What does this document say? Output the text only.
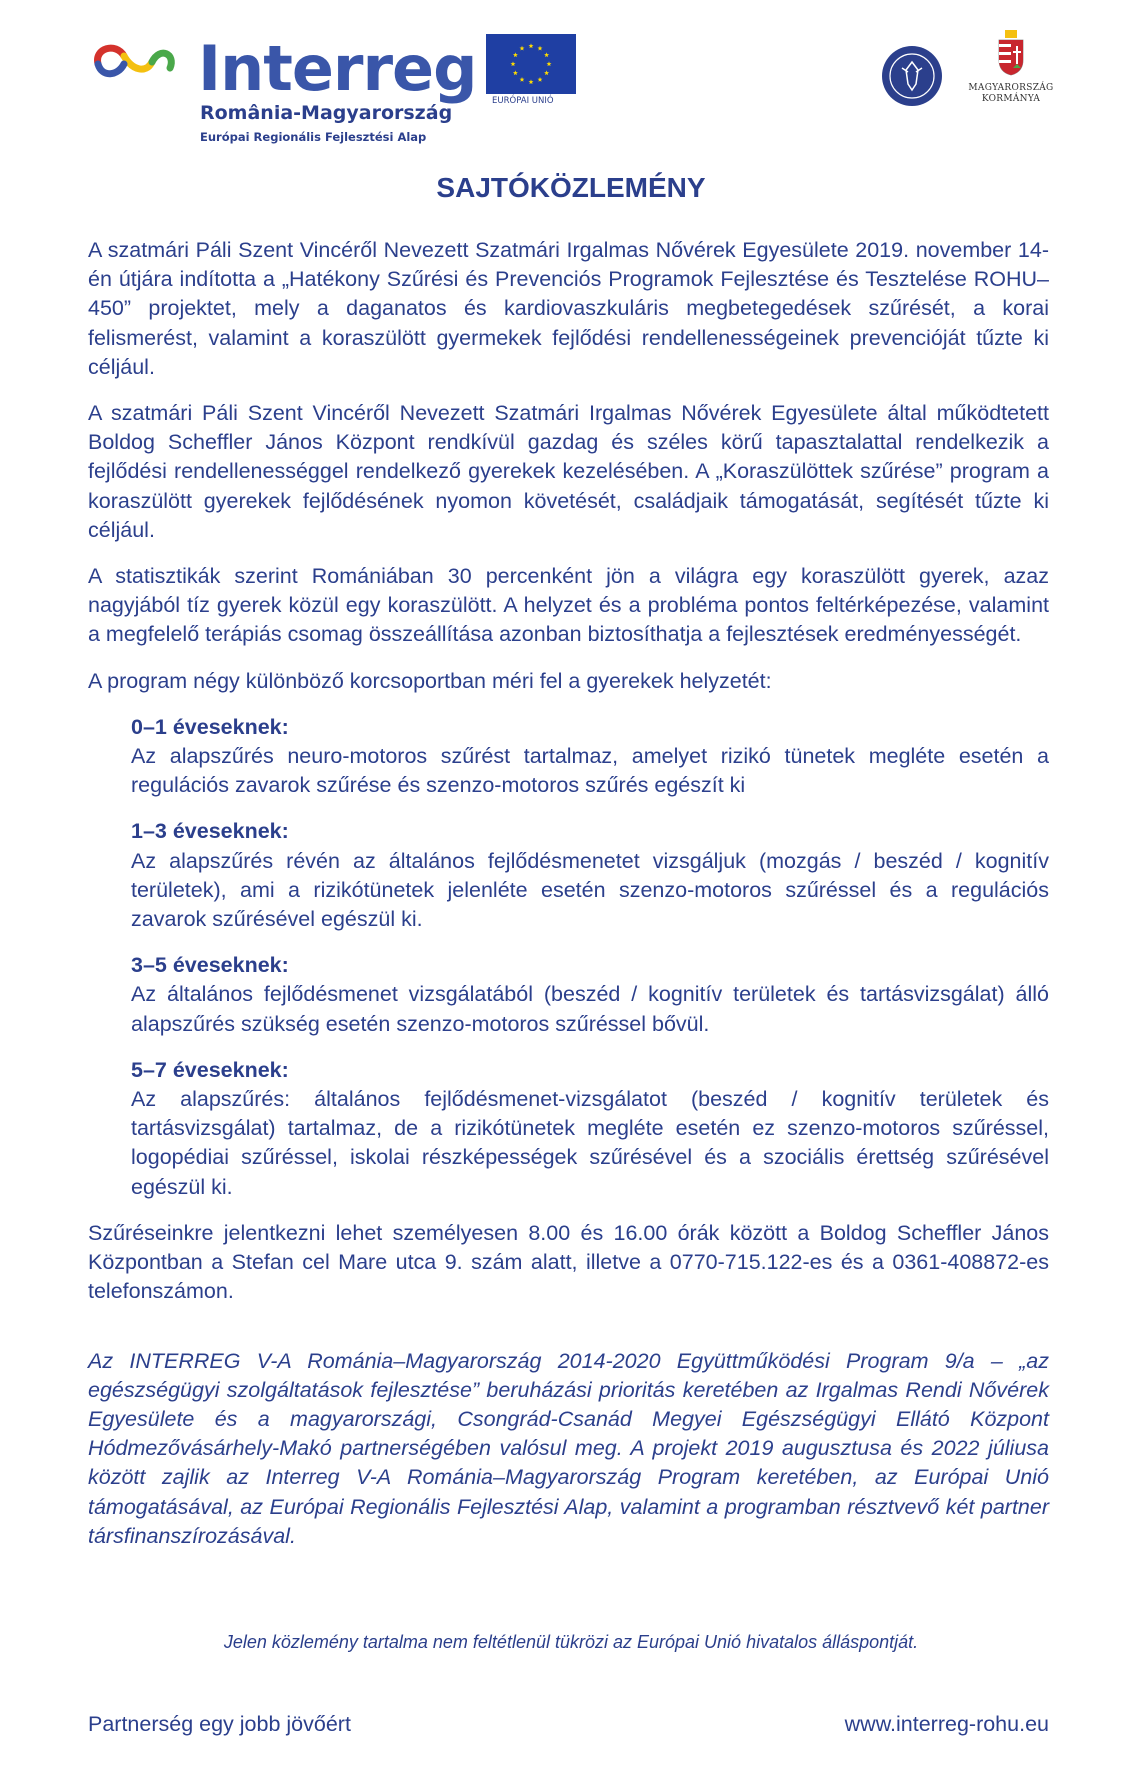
Interreg
România-Magyarország
Európai Regionális Fejlesztési Alap
EURÓPAI UNIÓ
MAGYARORSZÁG
KORMÁNYA
SAJTÓKÖZLEMÉNY

A szatmári Páli Szent Vincéről Nevezett Szatmári Irgalmas Nővérek Egyesülete 2019. november 14-én útjára indította a „Hatékony Szűrési és Prevenciós Programok Fejlesztése és Tesztelése ROHU–450” projektet, mely a daganatos és kardiovaszkuláris megbetegedések szűrését, a korai felismerést, valamint a koraszülött gyermekek fejlődési rendellenességeinek prevencióját tűzte ki céljául.

A szatmári Páli Szent Vincéről Nevezett Szatmári Irgalmas Nővérek Egyesülete által működtetett Boldog Scheffler János Központ rendkívül gazdag és széles körű tapasztalattal rendelkezik a fejlődési rendellenességgel rendelkező gyerekek kezelésében. A „Koraszülöttek szűrése” program a koraszülött gyerekek fejlődésének nyomon követését, családjaik támogatását, segítését tűzte ki céljául.

A statisztikák szerint Romániában 30 percenként jön a világra egy koraszülött gyerek, azaz nagyjából tíz gyerek közül egy koraszülött. A helyzet és a probléma pontos feltérképezése, valamint a megfelelő terápiás csomag összeállítása azonban biztosíthatja a fejlesztések eredményességét.

A program négy különböző korcsoportban méri fel a gyerekek helyzetét:

0–1 éveseknek:

Az alapszűrés neuro-motoros szűrést tartalmaz, amelyet rizikó tünetek megléte esetén a regulációs zavarok szűrése és szenzo-motoros szűrés egészít ki

1–3 éveseknek:

Az alapszűrés révén az általános fejlődésmenetet vizsgáljuk (mozgás / beszéd / kognitív területek), ami a rizikótünetek jelenléte esetén szenzo-motoros szűréssel és a regulációs zavarok szűrésével egészül ki.

3–5 éveseknek:

Az általános fejlődésmenet vizsgálatából (beszéd / kognitív területek és tartásvizsgálat) álló alapszűrés szükség esetén szenzo-motoros szűréssel bővül.

5–7 éveseknek:

Az alapszűrés: általános fejlődésmenet-vizsgálatot (beszéd / kognitív területek és tartásvizsgálat) tartalmaz, de a rizikótünetek megléte esetén ez szenzo-motoros szűréssel, logopédiai szűréssel, iskolai részképességek szűrésével és a szociális érettség szűrésével egészül ki.

Szűréseinkre jelentkezni lehet személyesen 8.00 és 16.00 órák között a Boldog Scheffler János Központban a Stefan cel Mare utca 9. szám alatt, illetve a 0770-715.122-es és a 0361-408872-es telefonszámon.

Az INTERREG V-A Románia–Magyarország 2014-2020 Együttműködési Program 9/a – „az egészségügyi szolgáltatások fejlesztése” beruházási prioritás keretében az Irgalmas Rendi Nővérek Egyesülete és a magyarországi, Csongrád-Csanád Megyei Egészségügyi Ellátó Központ Hódmezővásárhely-Makó partnerségében valósul meg. A projekt 2019 augusztusa és 2022 júliusa között zajlik az Interreg V-A Románia–Magyarország Program keretében, az Európai Unió támogatásával, az Európai Regionális Fejlesztési Alap, valamint a programban résztvevő két partner társfinanszírozásával.

Jelen közlemény tartalma nem feltétlenül tükrözi az Európai Unió hivatalos álláspontját.
Partnerség egy jobb jövőért	www.interreg-rohu.eu
